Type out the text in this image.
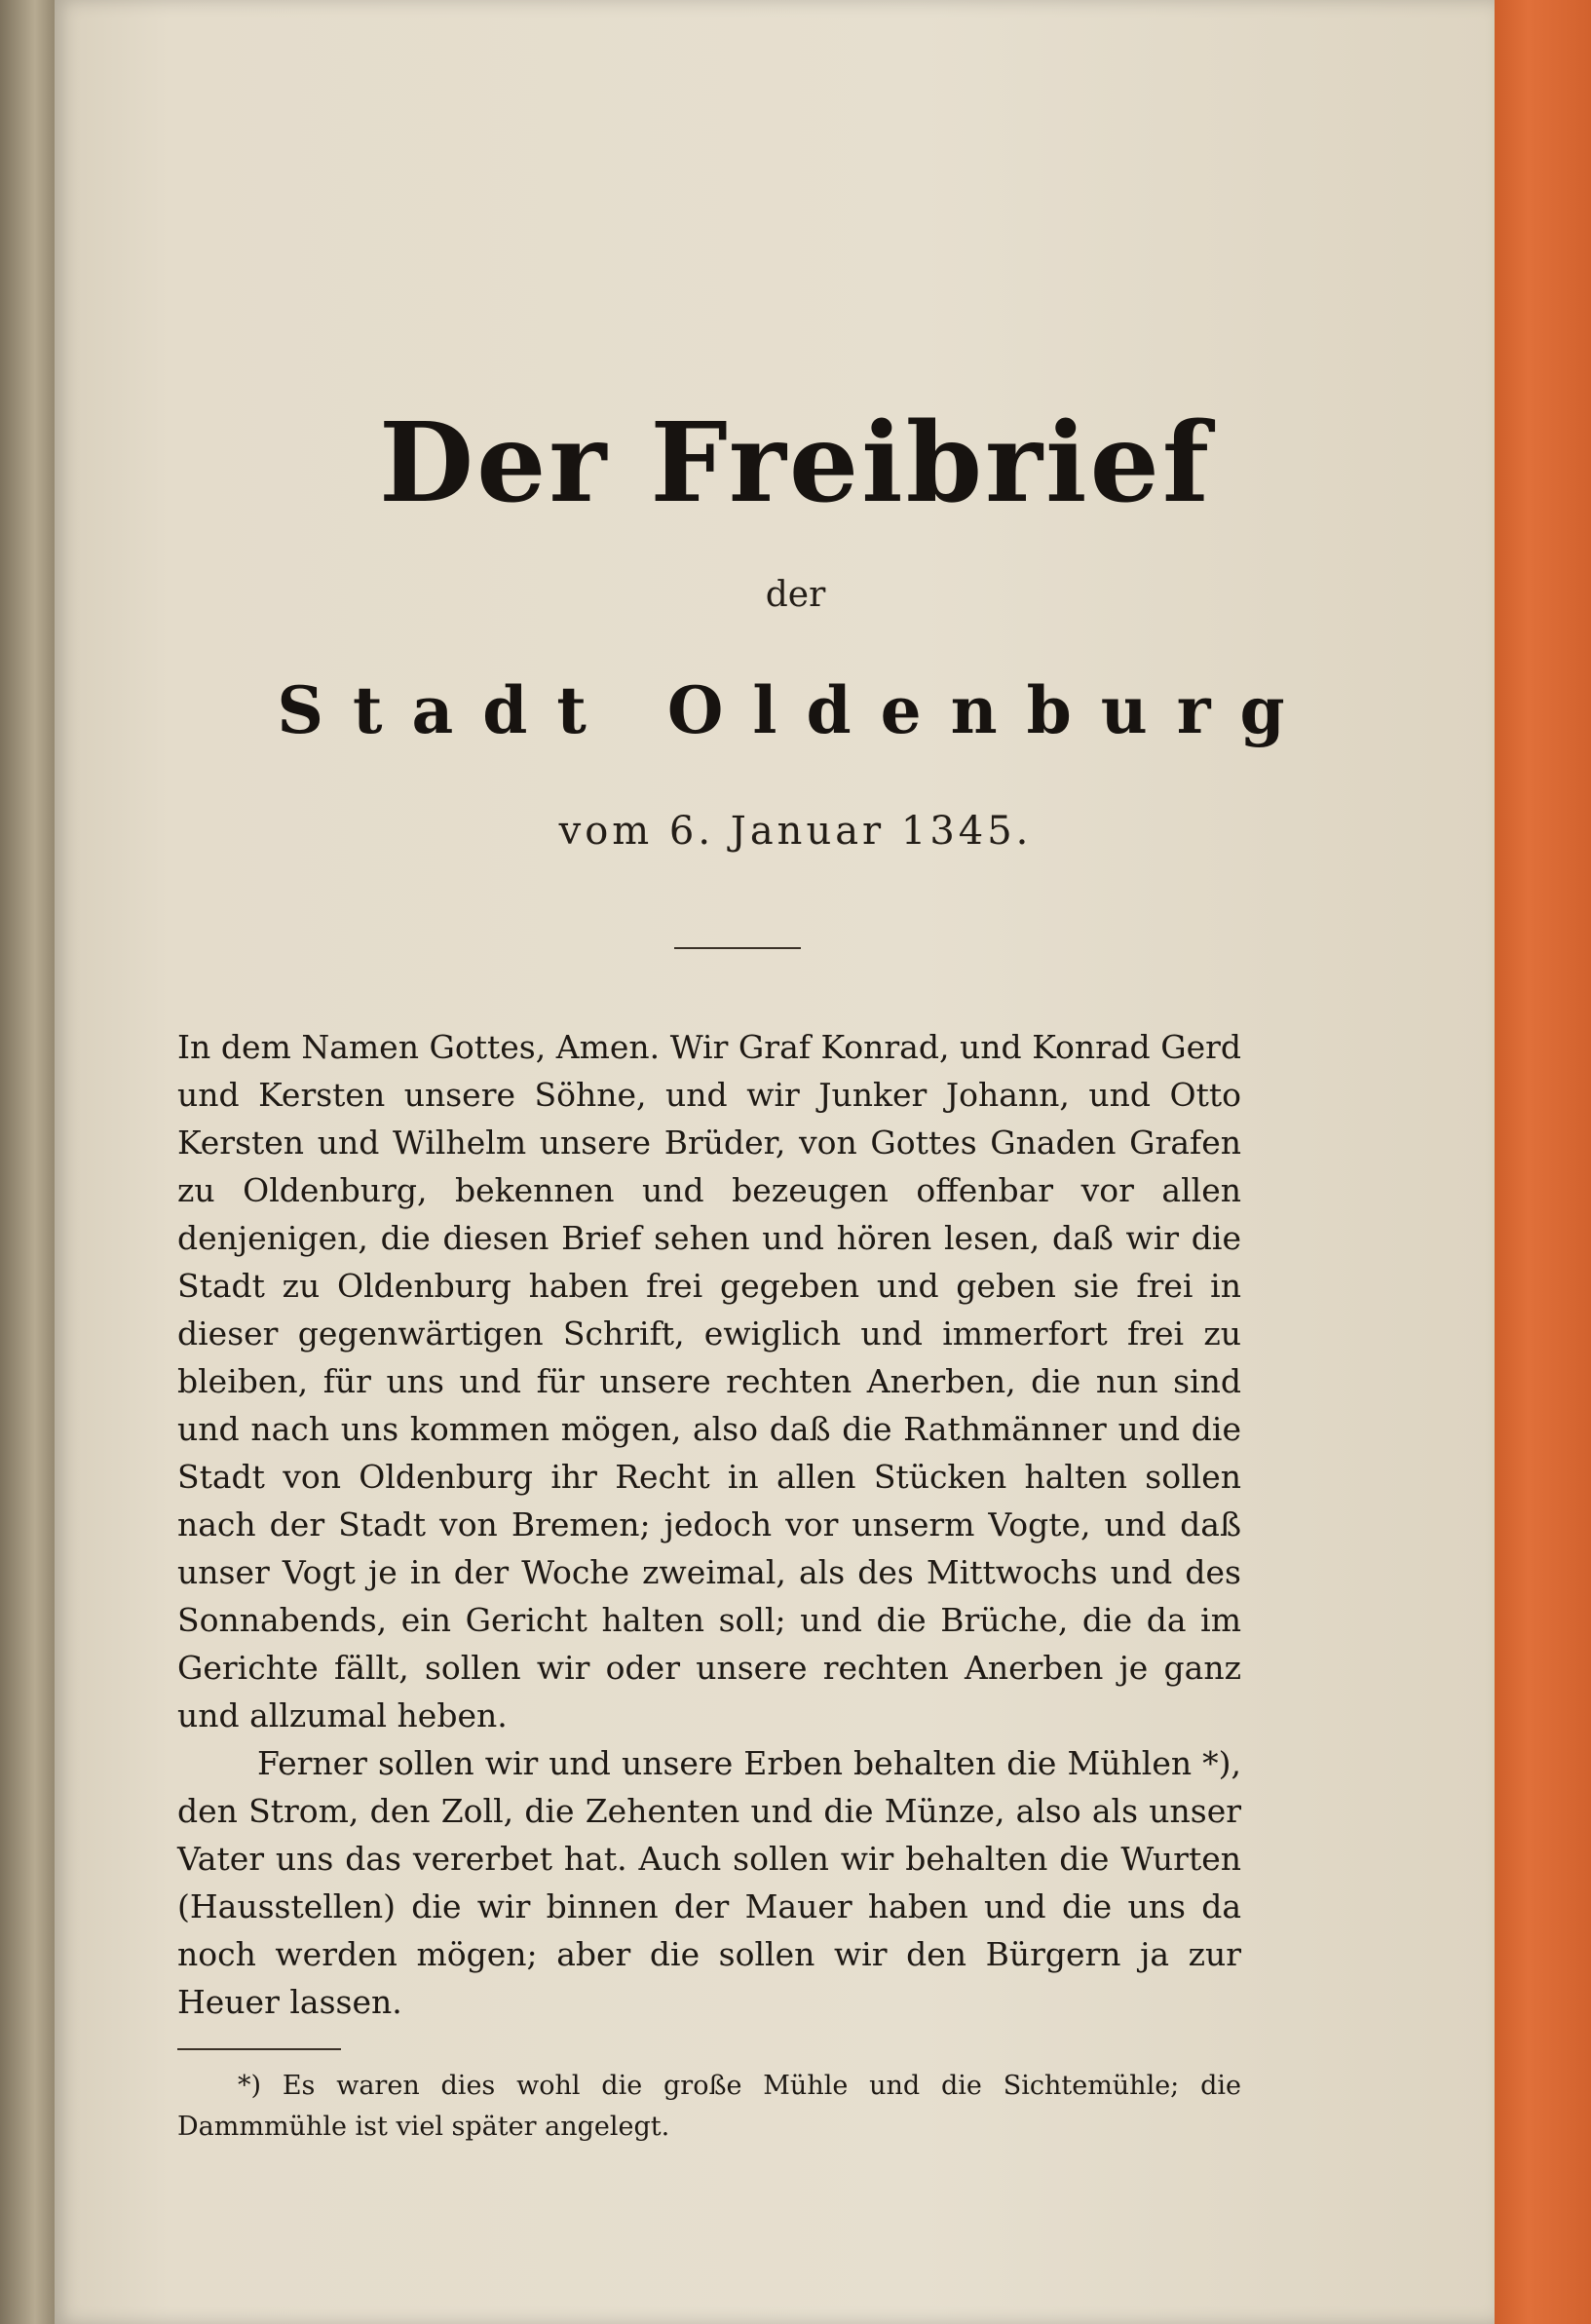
Der Freibrief
der
Stadt Oldenburg
vom 6. Januar 1345.

In dem Namen Gottes, Amen. Wir Graf Konrad, und Konrad Gerd und Kersten unsere Söhne, und wir Junker Johann, und Otto Kersten und Wilhelm unsere Brüder, von Gottes Gnaden Grafen zu Oldenburg, bekennen und bezeugen offenbar vor allen denjenigen, die diesen Brief sehen und hören lesen, daß wir die Stadt zu Oldenburg haben frei gegeben und geben sie frei in dieser gegenwärtigen Schrift, ewiglich und immerfort frei zu bleiben, für uns und für unsere rechten Anerben, die nun sind und nach uns kommen mögen, also daß die Rathmänner und die Stadt von Oldenburg ihr Recht in allen Stücken halten sollen nach der Stadt von Bremen; jedoch vor unserm Vogte, und daß unser Vogt je in der Woche zweimal, als des Mittwochs und des Sonnabends, ein Gericht halten soll; und die Brüche, die da im Gerichte fällt, sollen wir oder unsere rechten Anerben je ganz und allzumal heben.

Ferner sollen wir und unsere Erben behalten die Mühlen *), den Strom, den Zoll, die Zehenten und die Münze, also als unser Vater uns das vererbet hat. Auch sollen wir behalten die Wurten (Hausstellen) die wir binnen der Mauer haben und die uns da noch werden mögen; aber die sollen wir den Bürgern ja zur Heuer lassen.

*) Es waren dies wohl die große Mühle und die Sichtemühle; die Dammmühle ist viel später angelegt.
